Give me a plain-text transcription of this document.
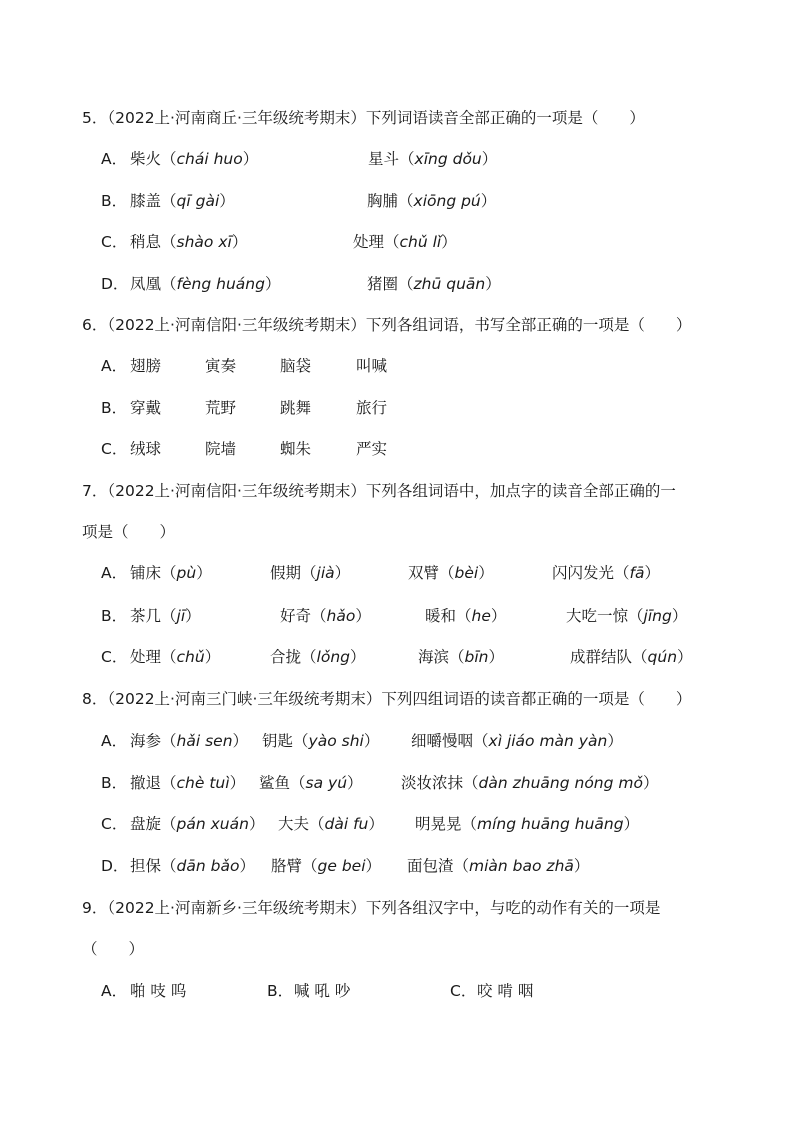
5．（2022上·河南商丘·三年级统考期末）下列词语读音全部正确的一项是（　　）
A． 柴火（chái huo）	星斗（xīng dǒu）
B． 膝盖（qī gài）	胸脯（xiōng pú）
C． 稍息（shào xī）	处理（chǔ lǐ）
D． 凤凰（fèng huáng）	猪圈（zhū quān）
6．（2022上·河南信阳·三年级统考期末）下列各组词语，书写全部正确的一项是（　　）
A． 翅膀	寅奏	脑袋	叫喊
B． 穿戴	荒野	跳舞	旅行
C． 绒球	院墙	蜘朱	严实
7．（2022上·河南信阳·三年级统考期末）下列各组词语中，加点字的读音全部正确的一
项是（　　）
A． 铺床（pù）	假期（jià）	双臂（bèi）	闪闪发光（fā）
B． 茶几（jī）	好奇（hǎo）	暖和（he）	大吃一惊（jīng）
C． 处理（chǔ）	合拢（lǒng）	海滨（bīn）	成群结队（qún）
8．（2022上·河南三门峡·三年级统考期末）下列四组词语的读音都正确的一项是（　　）
A． 海参（hǎi sen） 钥匙（yào shi） 细嚼慢咽（xì jiáo màn yàn）
B． 撤退（chè tuì） 鲨鱼（sa yú） 淡妆浓抹（dàn zhuāng nóng mǒ）
C． 盘旋（pán xuán） 大夫（dài fu） 明晃晃（míng huāng huāng）
D． 担保（dān bǎo） 胳臂（ge bei） 面包渣（miàn bao zhā）
9．（2022上·河南新乡·三年级统考期末）下列各组汉字中，与吃的动作有关的一项是
（　　）
A． 啪 吱 呜	B． 喊 吼 吵	C． 咬 啃 咽
